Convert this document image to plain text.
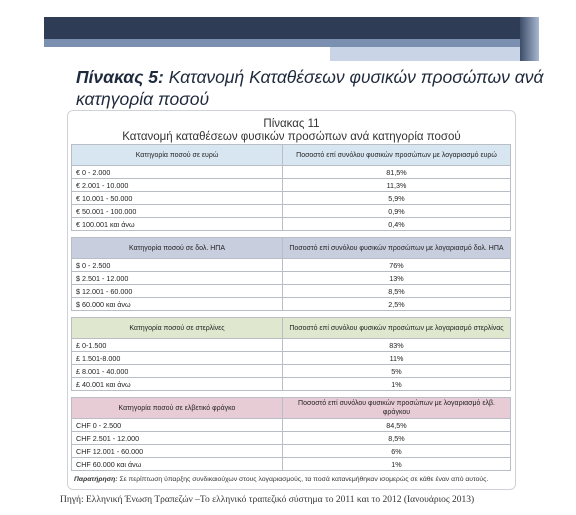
Πίνακας 5: Κατανομή Καταθέσεων φυσικών προσώπων ανά κατηγορία ποσού
Πίνακας 11
Κατανομή καταθέσεων φυσικών προσώπων ανά κατηγορία ποσού
Κατηγορία ποσού σε ευρώ	Ποσοστό επί συνόλου φυσικών προσώπων με λογαριασμό ευρώ
€ 0 - 2.000	81,5%
€ 2.001 - 10.000	11,3%
€ 10.001 - 50.000	5,9%
€ 50.001 - 100.000	0,9%
€ 100.001 και άνω	0,4%

Κατηγορία ποσού σε δολ. ΗΠΑ	Ποσοστό επί συνόλου φυσικών προσώπων με λογαριασμό δολ. ΗΠΑ
$ 0 - 2.500	76%
$ 2.501 - 12.000	13%
$ 12.001 - 60.000	8,5%
$ 60.000 και άνω	2,5%

Κατηγορία ποσού σε στερλίνες	Ποσοστό επί συνόλου φυσικών προσώπων με λογαριασμό στερλίνας
£ 0-1.500	83%
£ 1.501-8.000	11%
£ 8.001 - 40.000	5%
£ 40.001 και άνω	1%

Κατηγορία ποσού σε ελβετικό φράγκο	Ποσοστό επί συνόλου φυσικών προσώπων με λογαριασμό ελβ. φράγκου
CHF 0 - 2.500	84,5%
CHF 2.501 - 12.000	8,5%
CHF 12.001 - 60.000	6%
CHF 60.000 και άνω	1%
Παρατήρηση: Σε περίπτωση ύπαρξης συνδικαιούχων στους λογαριασμούς, τα ποσά κατανεμήθηκαν ισομερώς σε κάθε έναν από αυτούς.
Πηγή: Ελληνική Ένωση Τραπεζών –Το ελληνικό τραπεζικό σύστημα το 2011 και το 2012 (Ιανουάριος 2013)
